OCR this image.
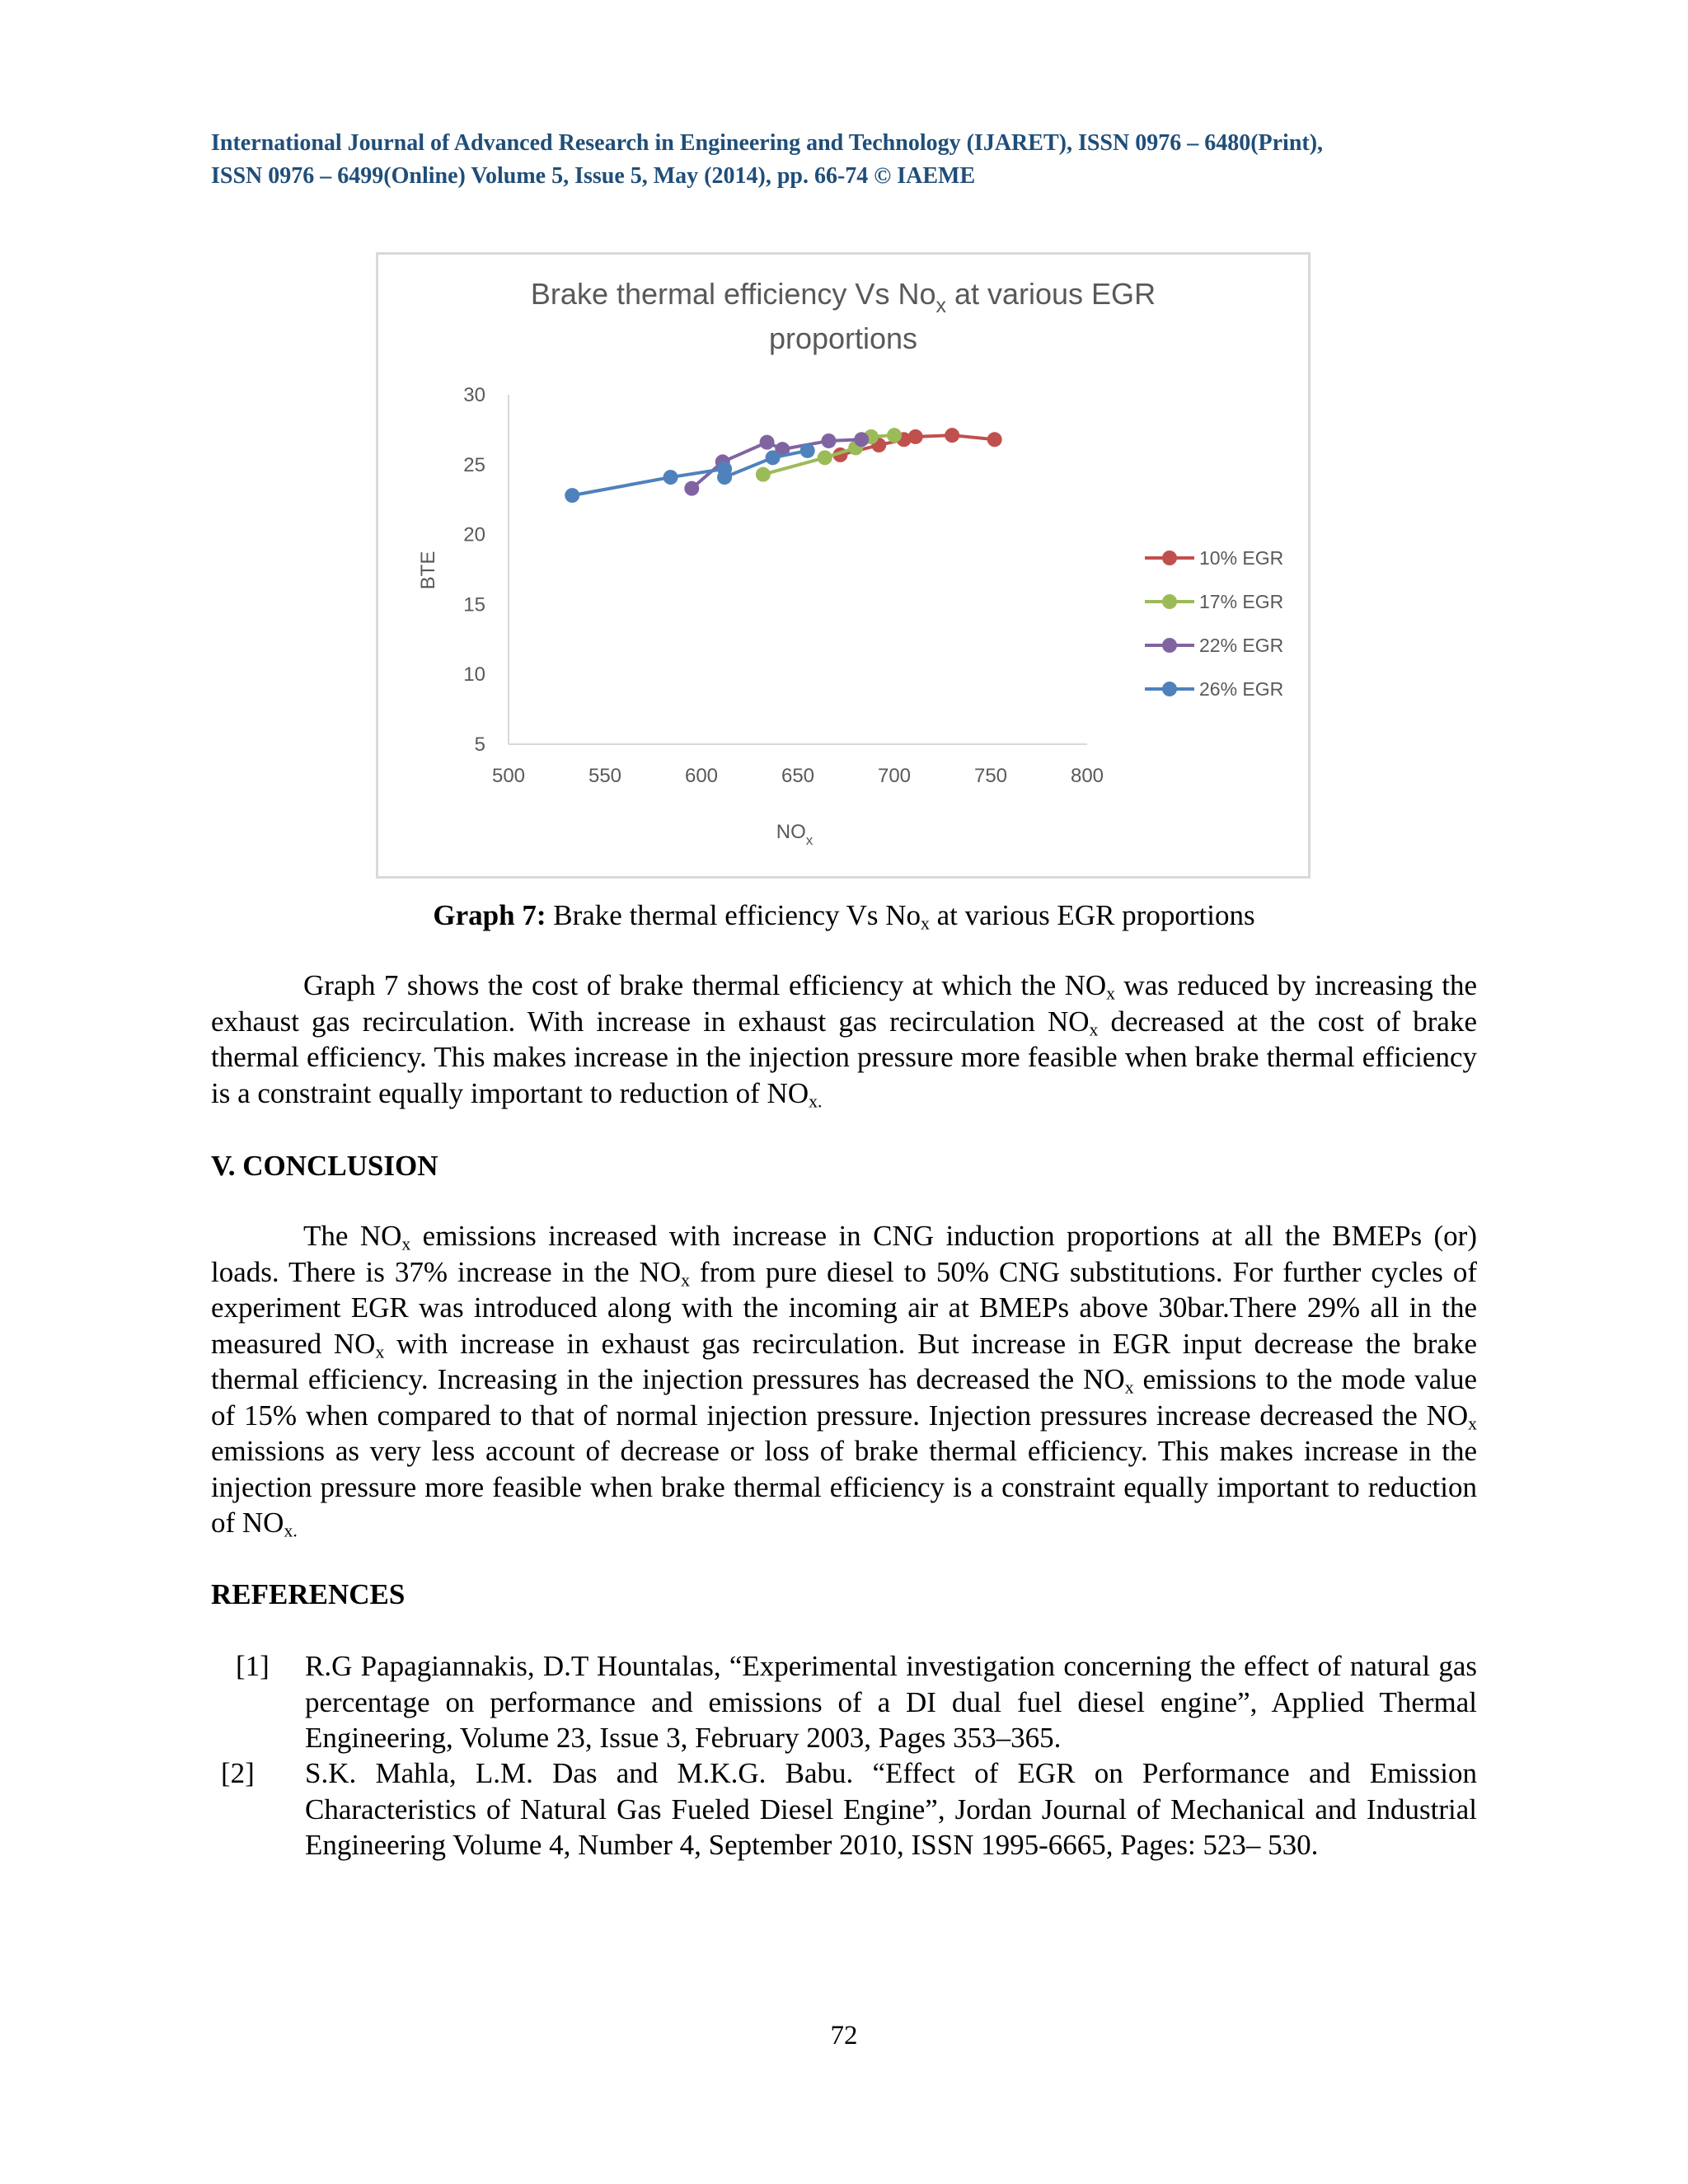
International Journal of Advanced Research in Engineering and Technology (IJARET), ISSN 0976 – 6480(Print),
ISSN 0976 – 6499(Online) Volume 5, Issue 5, May (2014), pp. 66-74 © IAEME
Brake thermal efficiency Vs $No_x$ at various EGR
proportions
500	550	600	650	700	750	800
5
10
15
20
25
30
10% EGR
17% EGR
22% EGR
26% EGR
BTE
$NO_x$
Graph 7: Brake thermal efficiency Vs $No_x$ at various EGR proportions

Graph 7 shows the cost of brake thermal efficiency at which the $NO_x$ was reduced by increasing the exhaust gas recirculation. With increase in exhaust gas recirculation $NO_x$ decreased at the cost of brake thermal efficiency. This makes increase in the injection pressure more feasible when brake thermal efficiency is a constraint equally important to reduction of $NO_{x.}$

V. CONCLUSION

The $NO_x$ emissions increased with increase in CNG induction proportions at all the BMEPs (or) loads. There is 37% increase in the $NO_x$ from pure diesel to 50% CNG substitutions. For further cycles of experiment EGR was introduced along with the incoming air at BMEPs above 30bar.There 29% all in the measured $NO_x$ with increase in exhaust gas recirculation. But increase in EGR input decrease the brake thermal efficiency. Increasing in the injection pressures has decreased the $NO_x$ emissions to the mode value of 15% when compared to that of normal injection pressure. Injection pressures increase decreased the $NO_x$ emissions as very less account of decrease or loss of brake thermal efficiency. This makes increase in the injection pressure more feasible when brake thermal efficiency is a constraint equally important to reduction of $NO_{x.}$

REFERENCES
[1]	R.G Papagiannakis, D.T Hountalas, “Experimental investigation concerning the effect of natural gas percentage on performance and emissions of a DI dual fuel diesel engine”, Applied Thermal Engineering, Volume 23, Issue 3, February 2003, Pages 353–365.
[2]	S.K. Mahla, L.M. Das and M.K.G. Babu. “Effect of EGR on Performance and Emission Characteristics of Natural Gas Fueled Diesel Engine”, Jordan Journal of Mechanical and Industrial Engineering Volume 4, Number 4, September 2010, ISSN 1995-6665, Pages: 523– 530.
72
